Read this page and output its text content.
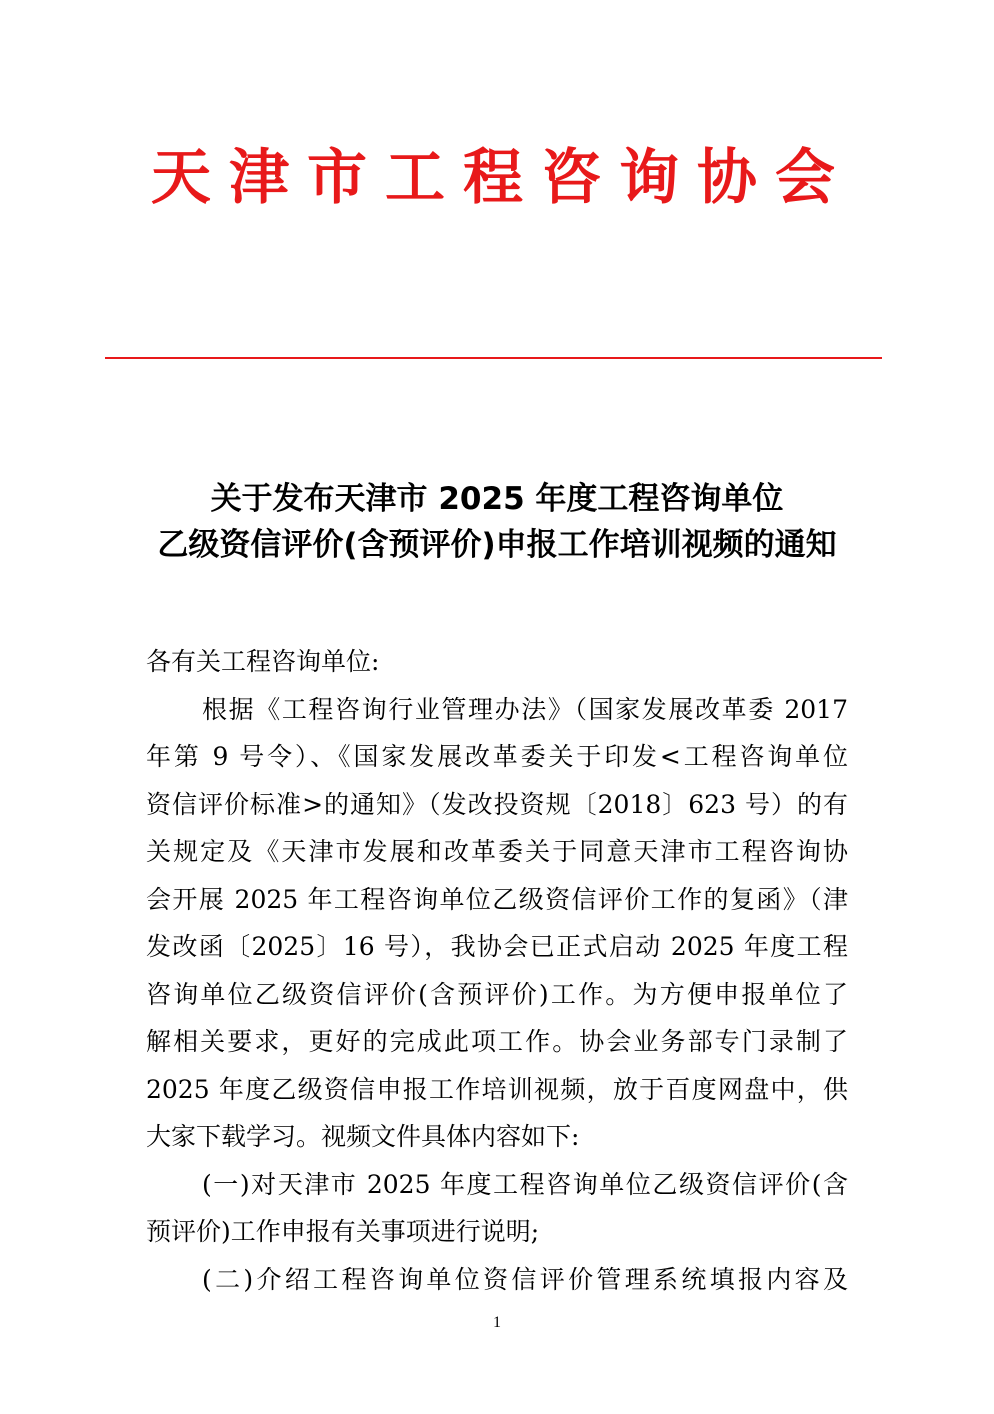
天津市工程咨询协会
关于发布天津市 2025 年度工程咨询单位
乙级资信评价(含预评价)申报工作培训视频的通知
各有关工程咨询单位:
根据《工程咨询行业管理办法》（国家发展改革委 2017
年第 9 号令）、《国家发展改革委关于印发<工程咨询单位
资信评价标准>的通知》（发改投资规〔2018〕623 号）的有
关规定及《天津市发展和改革委关于同意天津市工程咨询协
会开展 2025 年工程咨询单位乙级资信评价工作的复函》（津
发改函〔2025〕16 号），我协会已正式启动 2025 年度工程
咨询单位乙级资信评价(含预评价)工作。为方便申报单位了
解相关要求，更好的完成此项工作。协会业务部专门录制了
2025 年度乙级资信申报工作培训视频，放于百度网盘中，供
大家下载学习。视频文件具体内容如下:
(一)对天津市 2025 年度工程咨询单位乙级资信评价(含
预评价)工作申报有关事项进行说明;
(二)介绍工程咨询单位资信评价管理系统填报内容及
1
